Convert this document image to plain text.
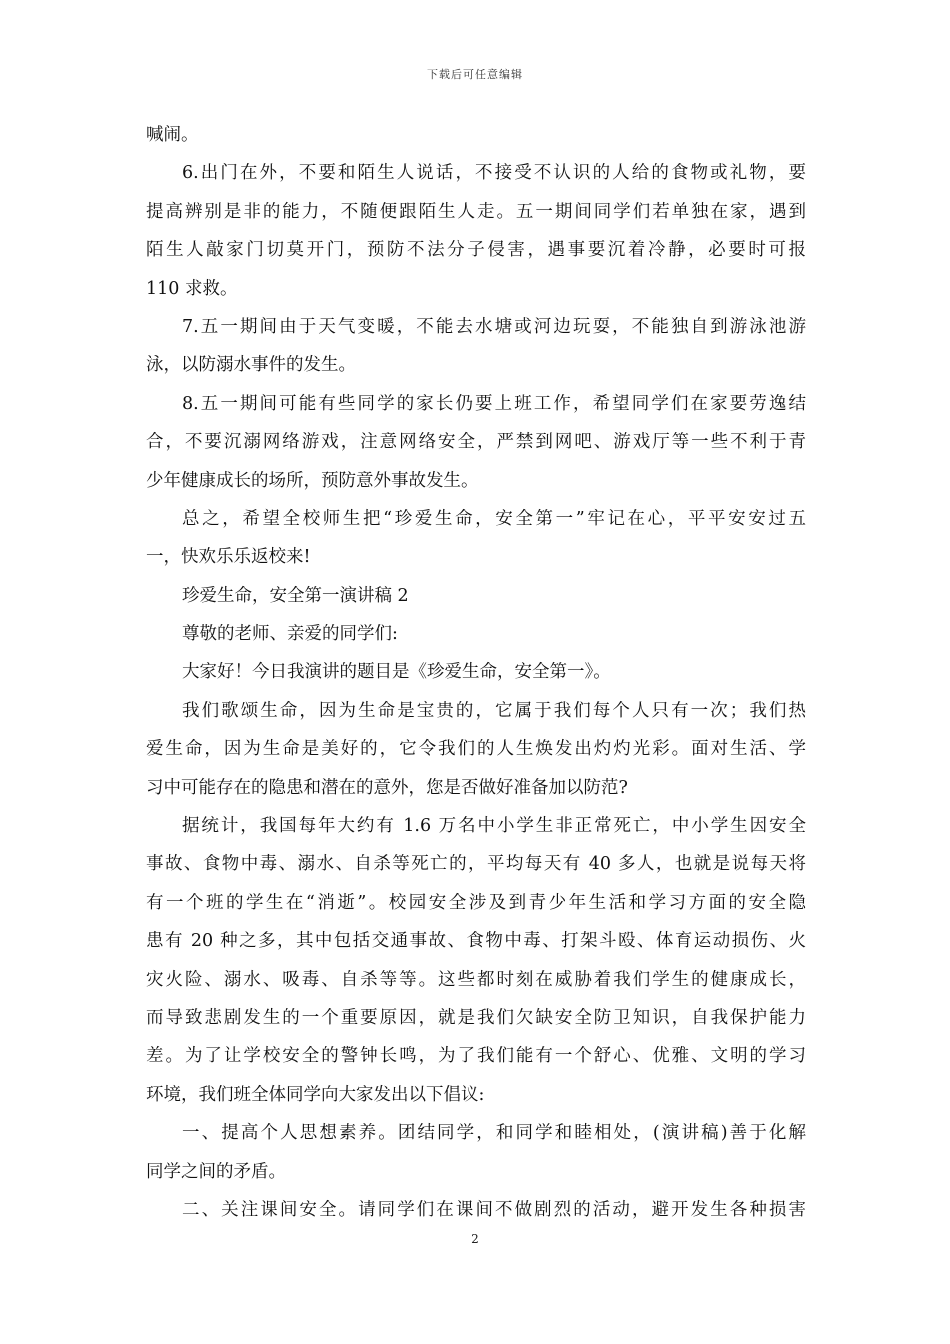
下载后可任意编辑
喊闹。
6.出门在外，不要和陌生人说话，不接受不认识的人给的食物或礼物，要
提高辨别是非的能力，不随便跟陌生人走。五一期间同学们若单独在家，遇到
陌生人敲家门切莫开门，预防不法分子侵害，遇事要沉着冷静，必要时可报
110 求救。
7.五一期间由于天气变暖，不能去水塘或河边玩耍，不能独自到游泳池游
泳，以防溺水事件的发生。
8.五一期间可能有些同学的家长仍要上班工作，希望同学们在家要劳逸结
合，不要沉溺网络游戏，注意网络安全，严禁到网吧、游戏厅等一些不利于青
少年健康成长的场所，预防意外事故发生。
总之，希望全校师生把“珍爱生命，安全第一”牢记在心，平平安安过五
一，快欢乐乐返校来!
珍爱生命，安全第一演讲稿 2
尊敬的老师、亲爱的同学们:
大家好！今日我演讲的题目是《珍爱生命，安全第一》。
我们歌颂生命，因为生命是宝贵的，它属于我们每个人只有一次；我们热
爱生命，因为生命是美好的，它令我们的人生焕发出灼灼光彩。面对生活、学
习中可能存在的隐患和潜在的意外，您是否做好准备加以防范?
据统计，我国每年大约有 1.6 万名中小学生非正常死亡，中小学生因安全
事故、食物中毒、溺水、自杀等死亡的，平均每天有 40 多人，也就是说每天将
有一个班的学生在“消逝”。校园安全涉及到青少年生活和学习方面的安全隐
患有 20 种之多，其中包括交通事故、食物中毒、打架斗殴、体育运动损伤、火
灾火险、溺水、吸毒、自杀等等。这些都时刻在威胁着我们学生的健康成长，
而导致悲剧发生的一个重要原因，就是我们欠缺安全防卫知识，自我保护能力
差。为了让学校安全的警钟长鸣，为了我们能有一个舒心、优雅、文明的学习
环境，我们班全体同学向大家发出以下倡议:
一、提高个人思想素养。团结同学，和同学和睦相处，(演讲稿)善于化解
同学之间的矛盾。
二、关注课间安全。请同学们在课间不做剧烈的活动，避开发生各种损害
2
